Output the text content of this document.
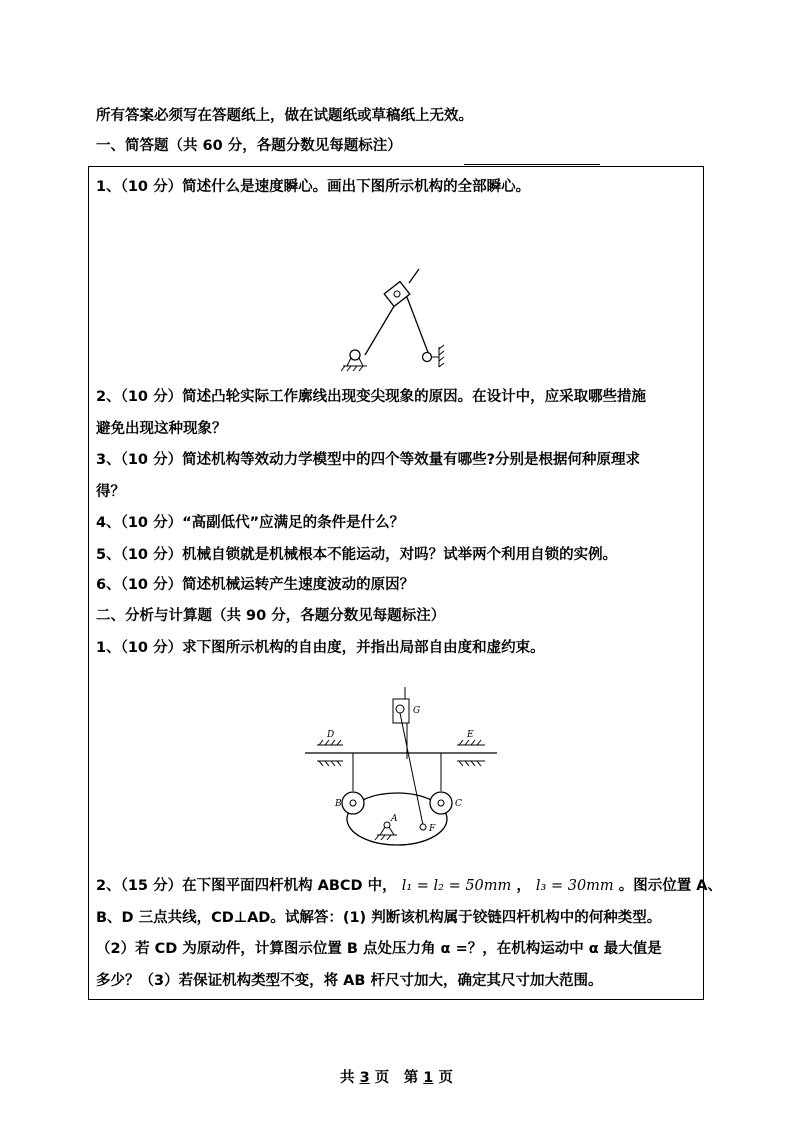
所有答案必须写在答题纸上，做在试题纸或草稿纸上无效。
一、简答题（共 60 分，各题分数见每题标注）
1、（10 分）简述什么是速度瞬心。画出下图所示机构的全部瞬心。
2、（10 分）简述凸轮实际工作廓线出现变尖现象的原因。在设计中，应采取哪些措施
避免出现这种现象？
3、（10 分）简述机构等效动力学模型中的四个等效量有哪些?分别是根据何种原理求
得？
4、（10 分）“高副低代”应满足的条件是什么？
5、（10 分）机械自锁就是机械根本不能运动，对吗？试举两个利用自锁的实例。
6、（10 分）简述机械运转产生速度波动的原因？
二、分析与计算题（共 90 分，各题分数见每题标注）
1、（10 分）求下图所示机构的自由度，并指出局部自由度和虚约束。
G
D	E
B	C
F
A
2、（15 分）在下图平面四杆机构 ABCD 中， l₁ = l₂ = 50mm ， l₃ = 30mm 。图示位置 A、
B、D 三点共线，CD⊥AD。试解答：(1) 判断该机构属于铰链四杆机构中的何种类型。
（2）若 CD 为原动件，计算图示位置 B 点处压力角 α =？，在机构运动中 α 最大值是
多少？（3）若保证机构类型不变，将 AB 杆尺寸加大，确定其尺寸加大范围。
共 3 页　第 1 页
